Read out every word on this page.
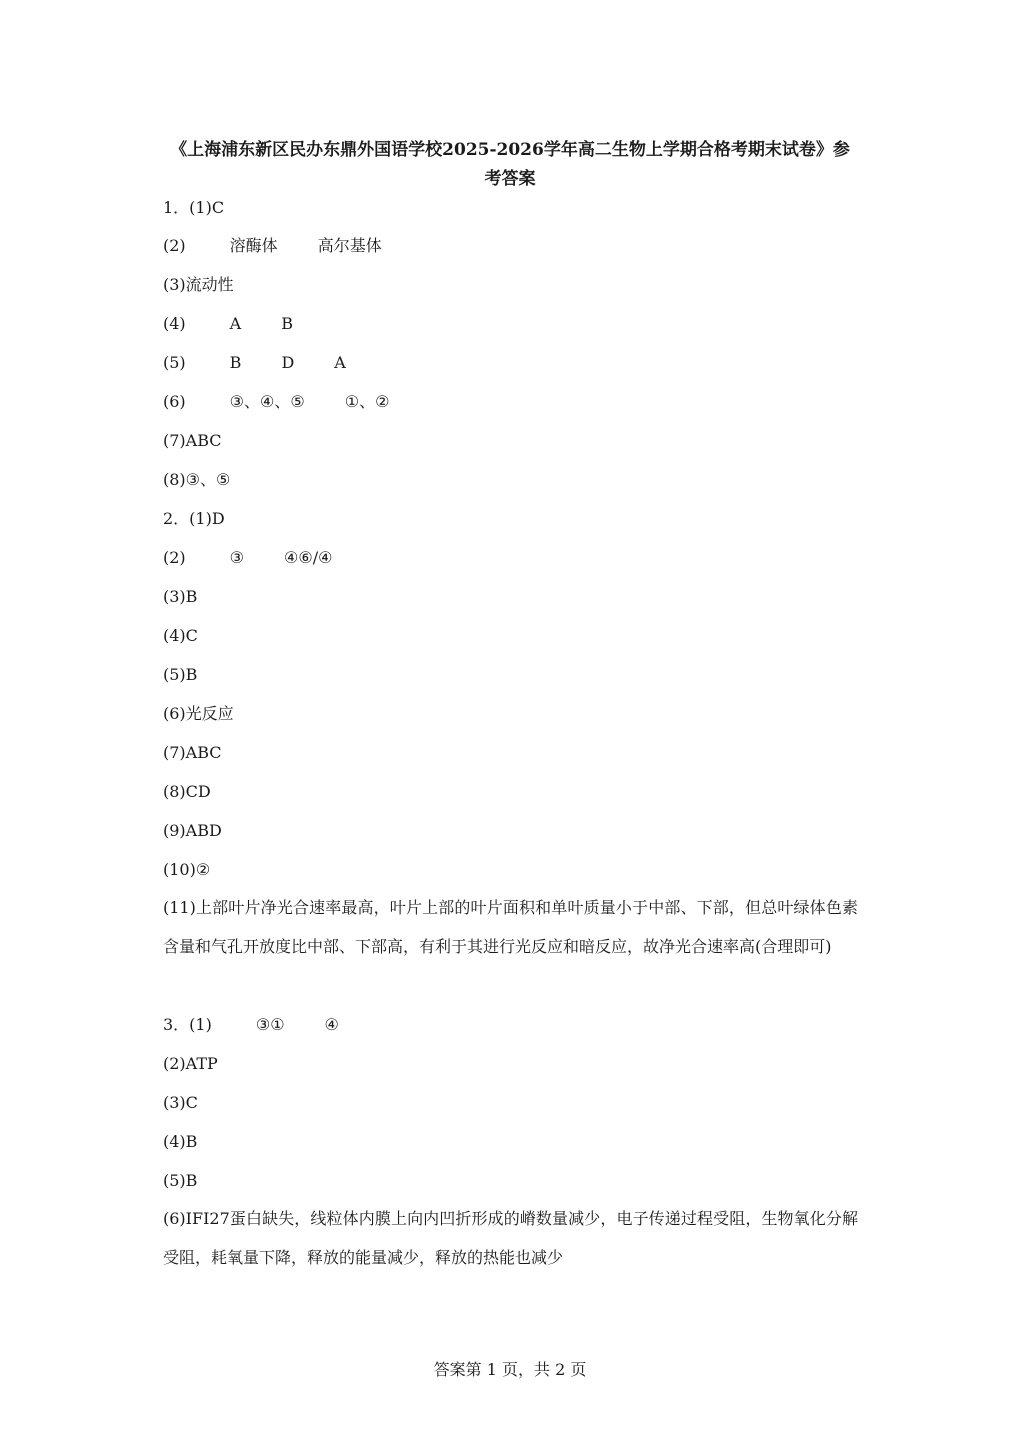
《上海浦东新区民办东鼎外国语学校2025-2026学年高二生物上学期合格考期末试卷》参考答案
1．(1)C
(2)	溶酶体	高尔基体
(3)流动性
(4)	A	B
(5)	B	D	A
(6)	③、④、⑤	①、②
(7)ABC
(8)③、⑤
2．(1)D
(2)	③	④⑥/④
(3)B
(4)C
(5)B
(6)光反应
(7)ABC
(8)CD
(9)ABD
(10)②
(11)上部叶片净光合速率最高，叶片上部的叶片面积和单叶质量小于中部、下部，但总叶绿体色素含量和气孔开放度比中部、下部高，有利于其进行光反应和暗反应，故净光合速率高(合理即可)
3．(1)	③①	④
(2)ATP
(3)C
(4)B
(5)B
(6)IFI27蛋白缺失，线粒体内膜上向内凹折形成的嵴数量减少，电子传递过程受阻，生物氧化分解受阻，耗氧量下降，释放的能量减少，释放的热能也减少
答案第 1 页，共 2 页
